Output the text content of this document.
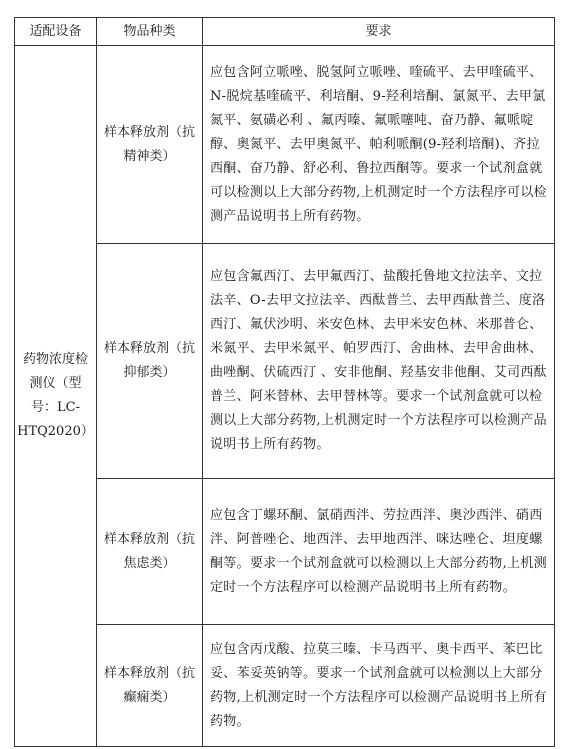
适配设备	物品种类	要求
药物浓度检测仪（型号：LC-HTQ2020）	样本释放剂（抗精神类）	应包含阿立哌唑、脱氢阿立哌唑、喹硫平、去甲喹硫平、N-脱烷基喹硫平、利培酮、9-羟利培酮、氯氮平、去甲氯氮平、氨磺必利 、氟丙嗪、氟哌噻吨、奋乃静、氟哌啶醇、奥氮平、去甲奥氮平、帕利哌酮(9-羟利培酮)、齐拉西酮、奋乃静、舒必利、鲁拉西酮等。要求一个试剂盒就可以检测以上大部分药物,上机测定时一个方法程序可以检测产品说明书上所有药物。
	样本释放剂（抗抑郁类）	应包含氟西汀、去甲氟西汀、盐酸托鲁地文拉法辛、文拉法辛、O-去甲文拉法辛、西酞普兰、去甲西酞普兰、度洛西汀、氟伏沙明、米安色林、去甲米安色林、米那普仑、米氮平、去甲米氮平、帕罗西汀、舍曲林、去甲舍曲林、曲唑酮、伏硫西汀 、安非他酮、羟基安非他酮、艾司西酞普兰、阿米替林、去甲替林等。要求一个试剂盒就可以检测以上大部分药物,上机测定时一个方法程序可以检测产品说明书上所有药物。
	样本释放剂（抗焦虑类）	应包含丁螺环酮、氯硝西泮、劳拉西泮、奥沙西泮、硝西泮、阿普唑仑、地西泮、去甲地西泮、咪达唑仑、坦度螺酮等。要求一个试剂盒就可以检测以上大部分药物,上机测定时一个方法程序可以检测产品说明书上所有药物。
	样本释放剂（抗癫痫类）	应包含丙戊酸、拉莫三嗪、卡马西平、奥卡西平、苯巴比妥、苯妥英钠等。要求一个试剂盒就可以检测以上大部分药物,上机测定时一个方法程序可以检测产品说明书上所有药物。
